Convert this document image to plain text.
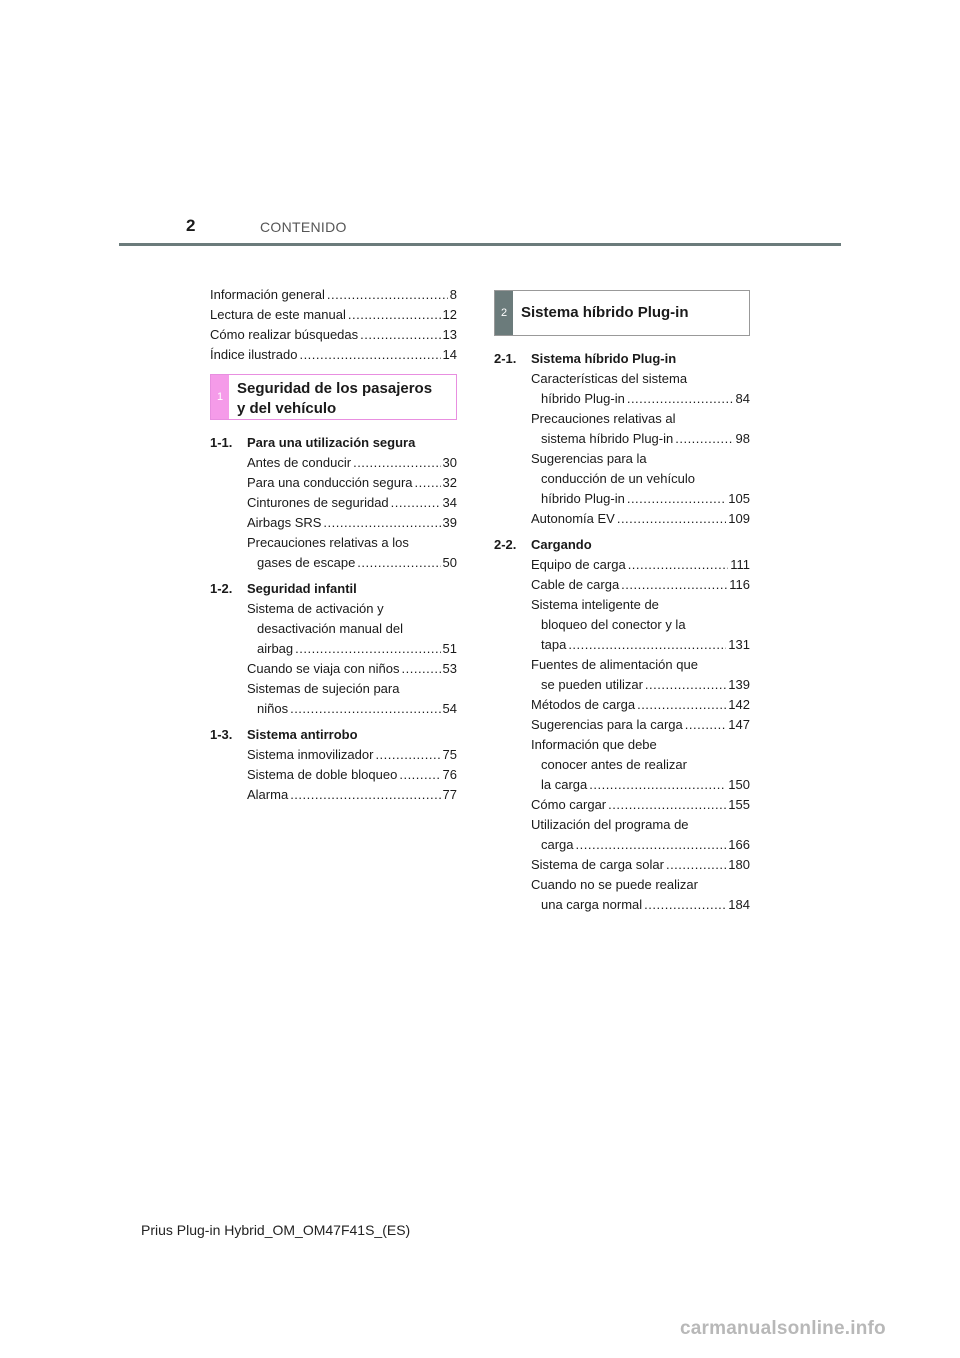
2	CONTENIDO
Información general .....	8
Lectura de este manual .....	12
Cómo realizar búsquedas .....	13
Índice ilustrado .....	14
1 Seguridad de los pasajeros
y del vehículo
1-1.	Para una utilización segura
Antes de conducir .....	30
Para una conducción segura ..... 32
Cinturones de seguridad .....	34
Airbags SRS .....	39
Precauciones relativas a los
gases de escape .....	50
1-2.	Seguridad infantil
Sistema de activación y
desactivación manual del
airbag .....	51
Cuando se viaja con niños .....	53
Sistemas de sujeción para
niños .....	54
1-3.	Sistema antirrobo
Sistema inmovilizador .....	75
Sistema de doble bloqueo .....	76
Alarma .....	77
2 Sistema híbrido Plug-in
2-1.	Sistema híbrido Plug-in
Características del sistema
híbrido Plug-in .....	84
Precauciones relativas al
sistema híbrido Plug-in .....	98
Sugerencias para la
conducción de un vehículo
híbrido Plug-in .....	105
Autonomía EV .....	109
2-2.	Cargando
Equipo de carga .....	111
Cable de carga .....	116
Sistema inteligente de
bloqueo del conector y la
tapa .....	131
Fuentes de alimentación que
se pueden utilizar .....	139
Métodos de carga .....	142
Sugerencias para la carga .....	147
Información que debe
conocer antes de realizar
la carga .....	150
Cómo cargar .....	155
Utilización del programa de
carga .....	166
Sistema de carga solar .....	180
Cuando no se puede realizar
una carga normal .....	184
Prius Plug-in Hybrid_OM_OM47F41S_(ES)
carmanualsonline.info
